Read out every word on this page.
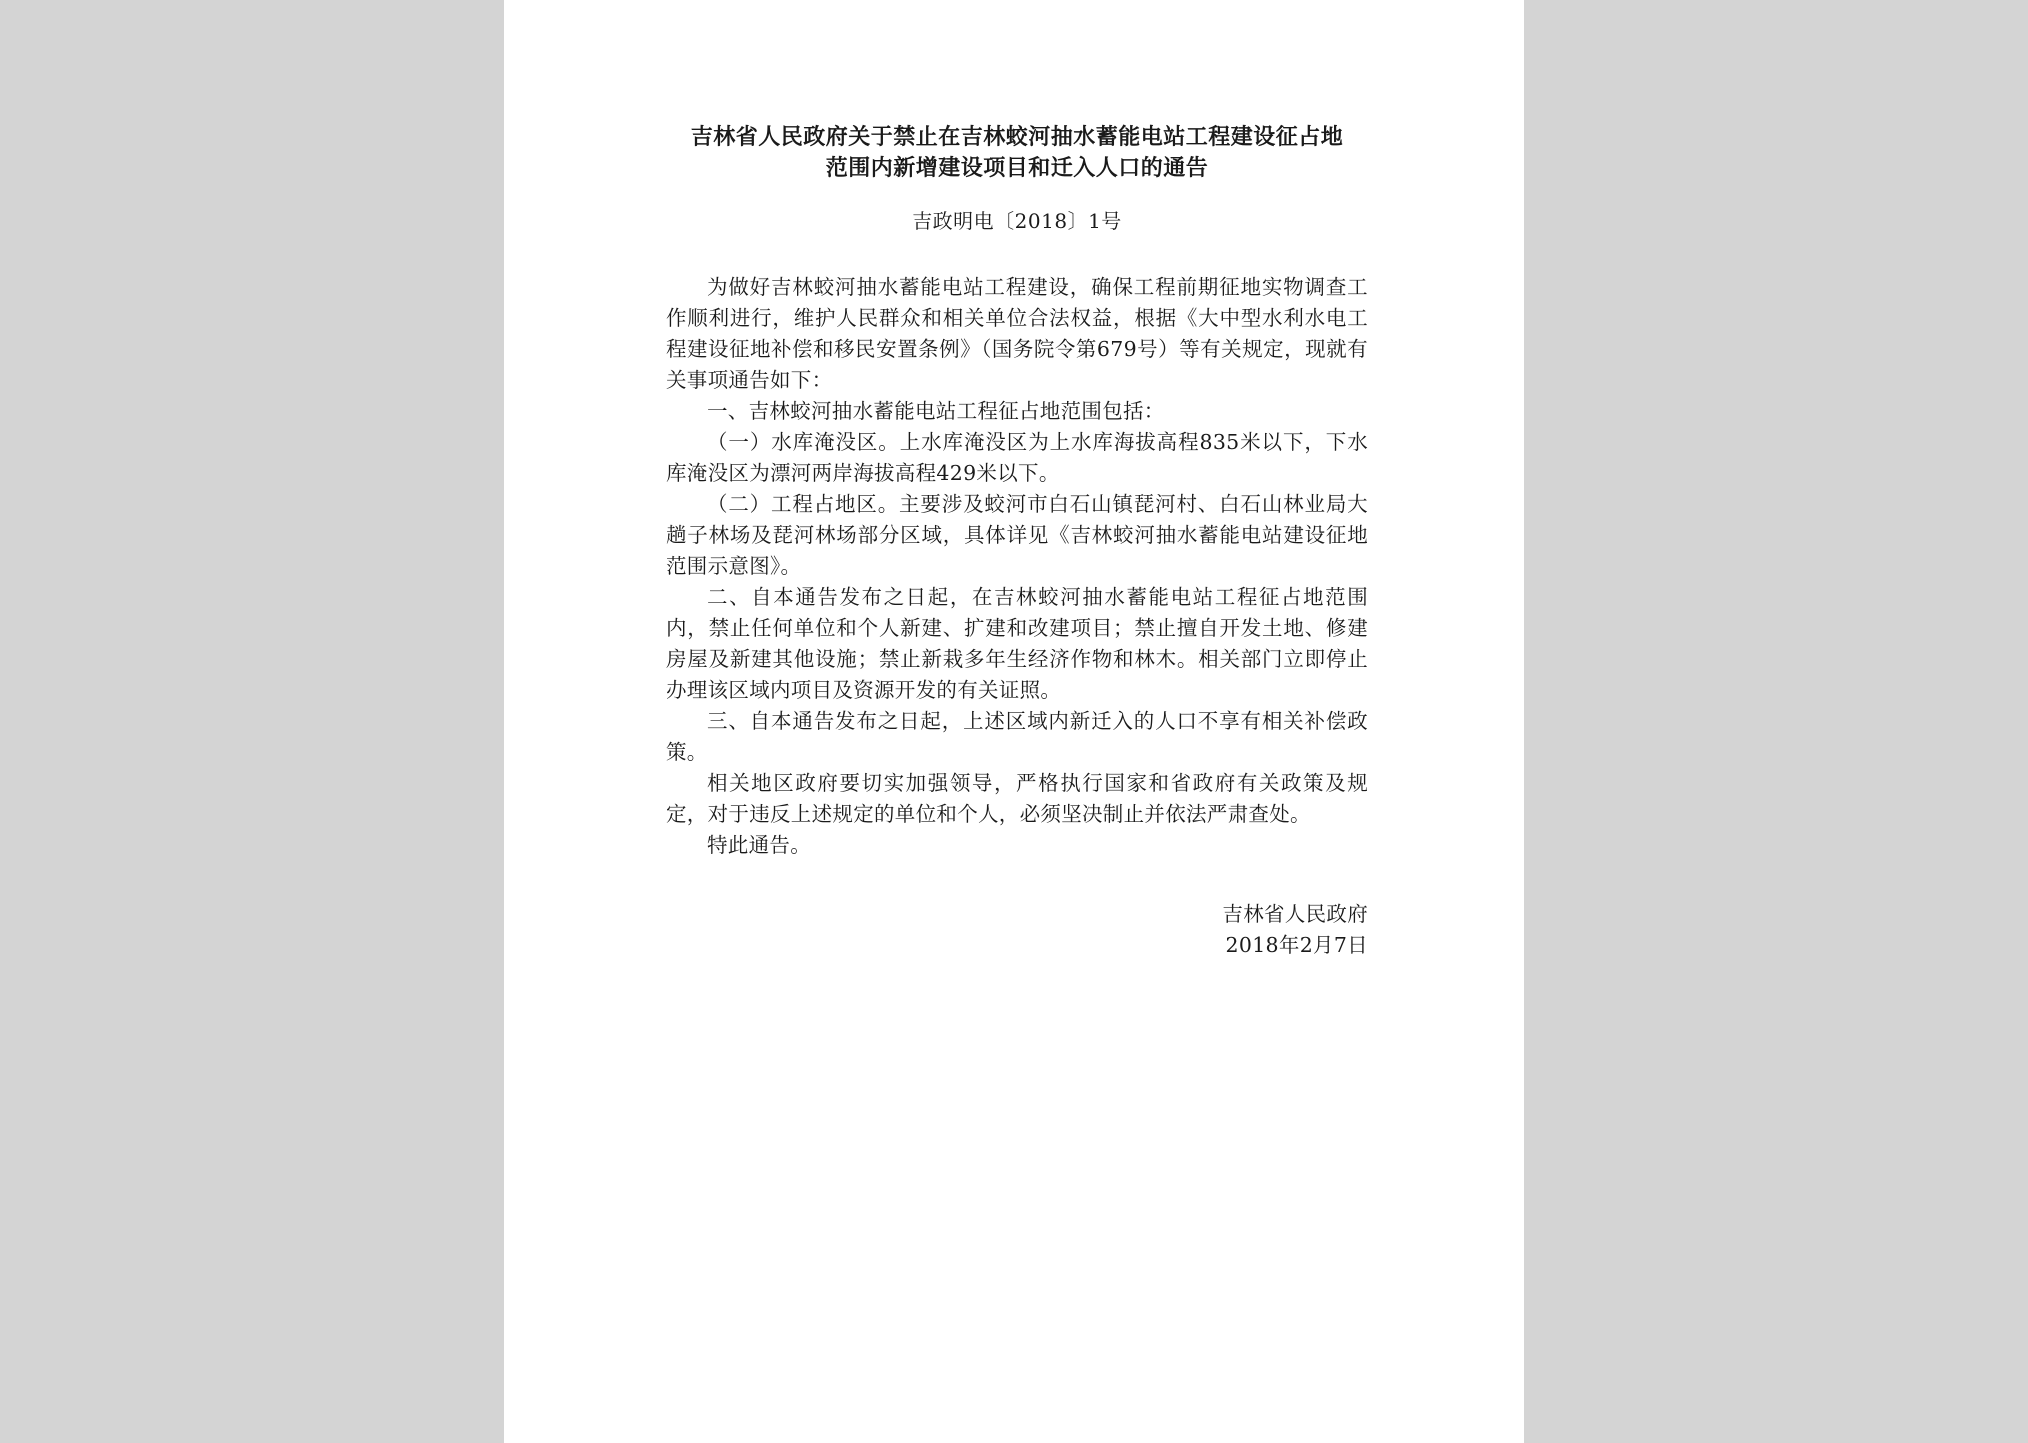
吉林省人民政府关于禁止在吉林蛟河抽水蓄能电站工程建设征占地
范围内新增建设项目和迁入人口的通告
吉政明电〔2018〕1号

为做好吉林蛟河抽水蓄能电站工程建设，确保工程前期征地实物调查工作顺利进行，维护人民群众和相关单位合法权益，根据《大中型水利水电工程建设征地补偿和移民安置条例》（国务院令第679号）等有关规定，现就有关事项通告如下：

一、吉林蛟河抽水蓄能电站工程征占地范围包括：

（一）水库淹没区。上水库淹没区为上水库海拔高程835米以下，下水库淹没区为漂河两岸海拔高程429米以下。

（二）工程占地区。主要涉及蛟河市白石山镇琵河村、白石山林业局大趟子林场及琵河林场部分区域，具体详见《吉林蛟河抽水蓄能电站建设征地范围示意图》。

二、自本通告发布之日起，在吉林蛟河抽水蓄能电站工程征占地范围内，禁止任何单位和个人新建、扩建和改建项目；禁止擅自开发土地、修建房屋及新建其他设施；禁止新栽多年生经济作物和林木。相关部门立即停止办理该区域内项目及资源开发的有关证照。

三、自本通告发布之日起，上述区域内新迁入的人口不享有相关补偿政策。

相关地区政府要切实加强领导，严格执行国家和省政府有关政策及规定，对于违反上述规定的单位和个人，必须坚决制止并依法严肃查处。

特此通告。

吉林省人民政府
2018年2月7日
